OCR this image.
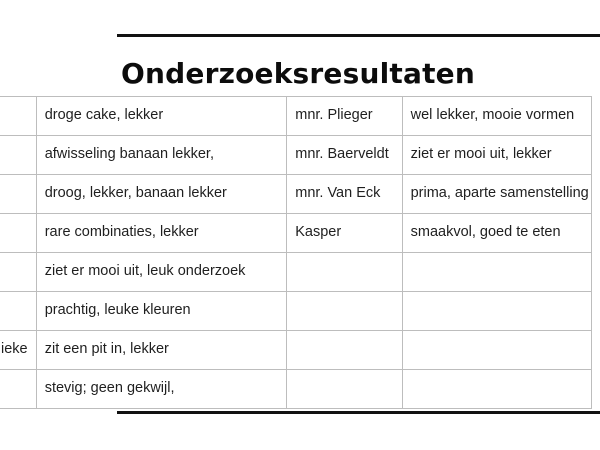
Onderzoeksresultaten
	droge cake, lekker	mnr. Plieger	wel lekker, mooie vormen
	afwisseling banaan lekker,	mnr. Baerveldt	ziet er mooi uit, lekker
	droog, lekker, banaan lekker	mnr. Van Eck	prima, aparte samenstelling
	rare combinaties, lekker	Kasper	smaakvol, goed te eten
	ziet er mooi uit, leuk onderzoek		
	prachtig, leuke kleuren		
ieke	zit een pit in, lekker		
	stevig; geen gekwijl,		
